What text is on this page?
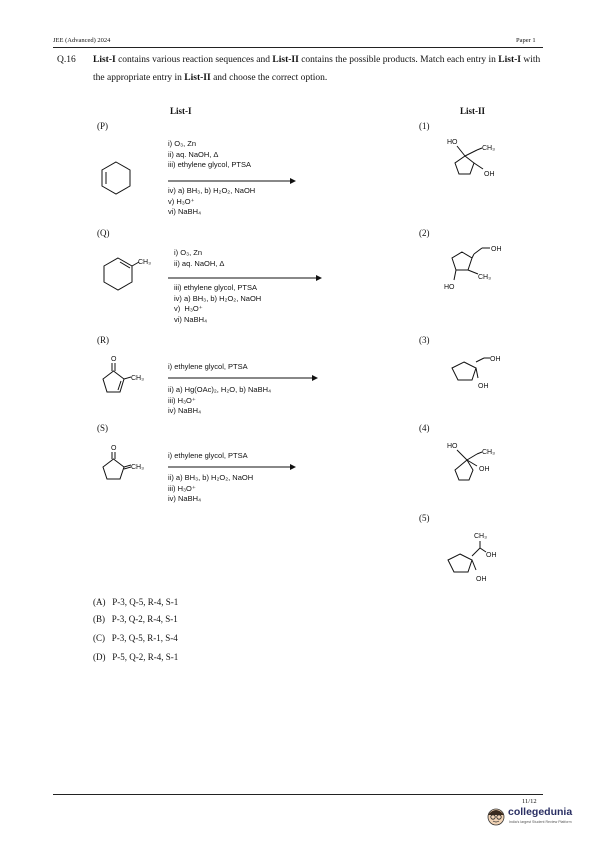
JEE (Advanced) 2024	Paper 1
Q.16 List-I contains various reaction sequences and List-II contains the possible products. Match each entry in List-I with the appropriate entry in List-II and choose the correct option.
List-I	List-II
(P)
i) O₃, Zn
ii) aq. NaOH, Δ
iii) ethylene glycol, PTSA
iv) a) BH₃, b) H₂O₂, NaOH
v) H₃O⁺
vi) NaBH₄
(Q)
CH₃
i) O₃, Zn
ii) aq. NaOH, Δ
iii) ethylene glycol, PTSA
iv) a) BH₃, b) H₂O₂, NaOH
v)  H₃O⁺
vi) NaBH₄
(R)
O
CH₃
i) ethylene glycol, PTSA
ii) a) Hg(OAc)₂, H₂O, b) NaBH₄
iii) H₃O⁺
iv) NaBH₄
(S)
O
CH₃
i) ethylene glycol, PTSA
ii) a) BH₃, b) H₂O₂, NaOH
iii) H₃O⁺
iv) NaBH₄
(1)
HO
CH₃
OH
(2)
OH
CH₃
HO
(3)
OH
OH
(4)
HO
CH₃
OH
(5)
CH₃
OH
OH
(A) P-3, Q-5, R-4, S-1
(B) P-3, Q-2, R-4, S-1
(C) P-3, Q-5, R-1, S-4
(D) P-5, Q-2, R-4, S-1
11/12
collegedunia
India's largest Student Review Platform
